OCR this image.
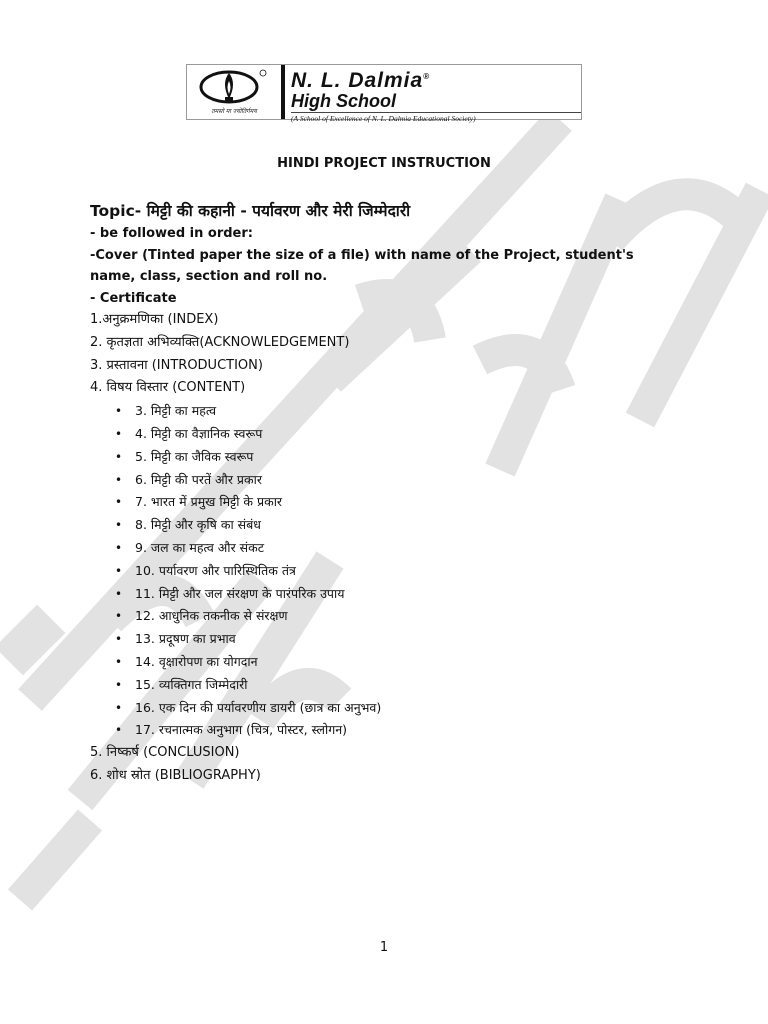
तमसो मा ज्योतिर्गमय
N. L. Dalmia®
High School
(A School of Excellence of N. L. Dalmia Educational Society)
HINDI PROJECT INSTRUCTION
Topic- मिट्टी की कहानी - पर्यावरण और मेरी जिम्मेदारी
- be followed in order:
-Cover (Tinted paper the size of a file) with name of the Project, student's name, class, section and roll no.
- Certificate
1.अनुक्रमणिका (INDEX)
2. कृतज्ञता अभिव्यक्ति(ACKNOWLEDGEMENT)
3. प्रस्तावना (INTRODUCTION)
4. विषय विस्तार (CONTENT)
• 3. मिट्टी का महत्व
• 4. मिट्टी का वैज्ञानिक स्वरूप
• 5. मिट्टी का जैविक स्वरूप
• 6. मिट्टी की परतें और प्रकार
• 7. भारत में प्रमुख मिट्टी के प्रकार
• 8. मिट्टी और कृषि का संबंध
• 9. जल का महत्व और संकट
• 10. पर्यावरण और पारिस्थितिक तंत्र
• 11. मिट्टी और जल संरक्षण के पारंपरिक उपाय
• 12. आधुनिक तकनीक से संरक्षण
• 13. प्रदूषण का प्रभाव
• 14. वृक्षारोपण का योगदान
• 15. व्यक्तिगत जिम्मेदारी
• 16. एक दिन की पर्यावरणीय डायरी (छात्र का अनुभव)
• 17. रचनात्मक अनुभाग (चित्र, पोस्टर, स्लोगन)
5. निष्कर्ष (CONCLUSION)
6. शोध स्रोत (BIBLIOGRAPHY)
1
